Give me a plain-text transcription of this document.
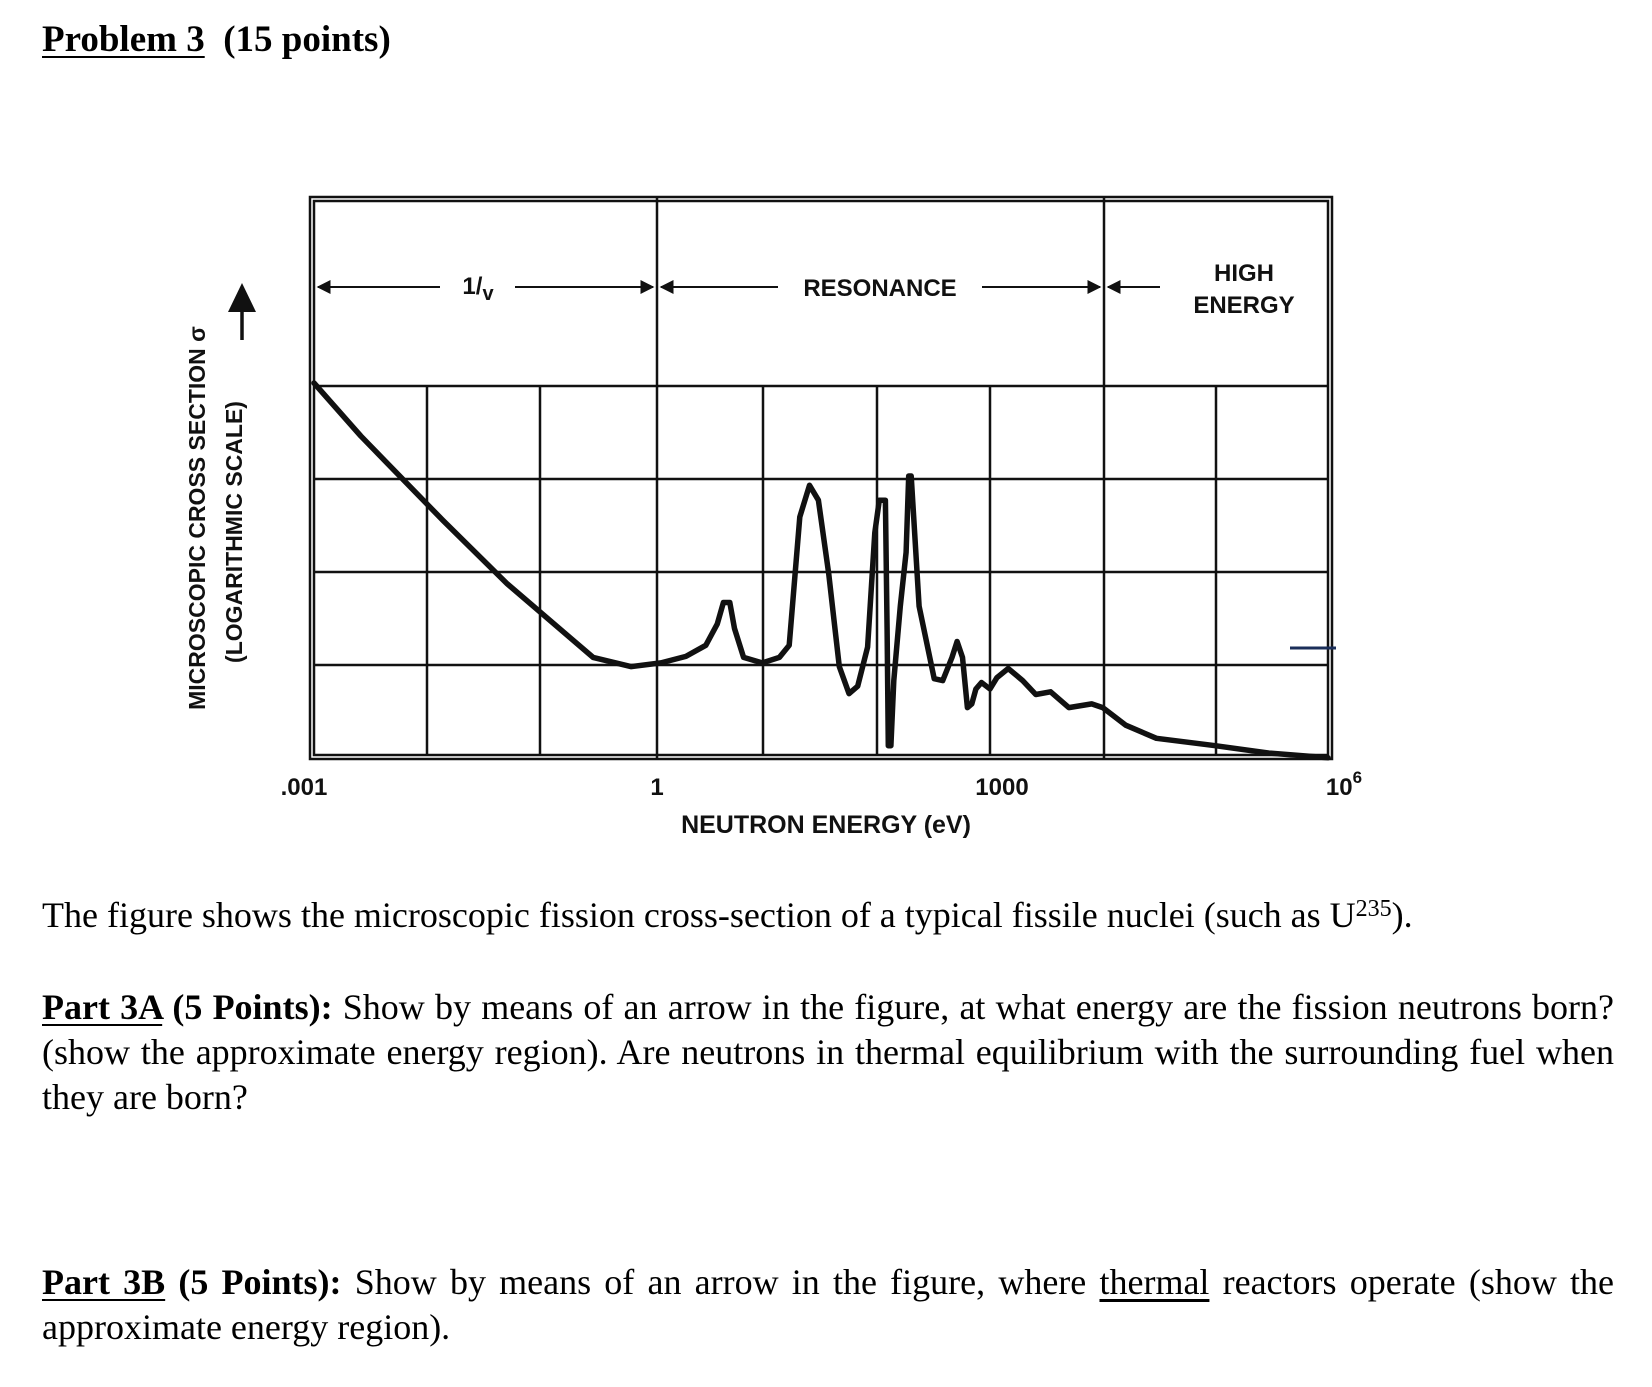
Problem 3 (15 points)
$1/_v$	RESONANCE
HIGH
ENERGY
MICROSCOPIC CROSS SECTION σ (LOGARITHMIC SCALE)
.001	1	1000	$10^6$
NEUTRON ENERGY (eV)

The figure shows the microscopic fission cross-section of a typical fissile nuclei (such as $U^{235}$).

Part 3A (5 Points): Show by means of an arrow in the figure, at what energy are the fission neutrons born? (show the approximate energy region). Are neutrons in thermal equilibrium with the surrounding fuel when they are born?

Part 3B (5 Points): Show by means of an arrow in the figure, where thermal reactors operate (show the approximate energy region).
